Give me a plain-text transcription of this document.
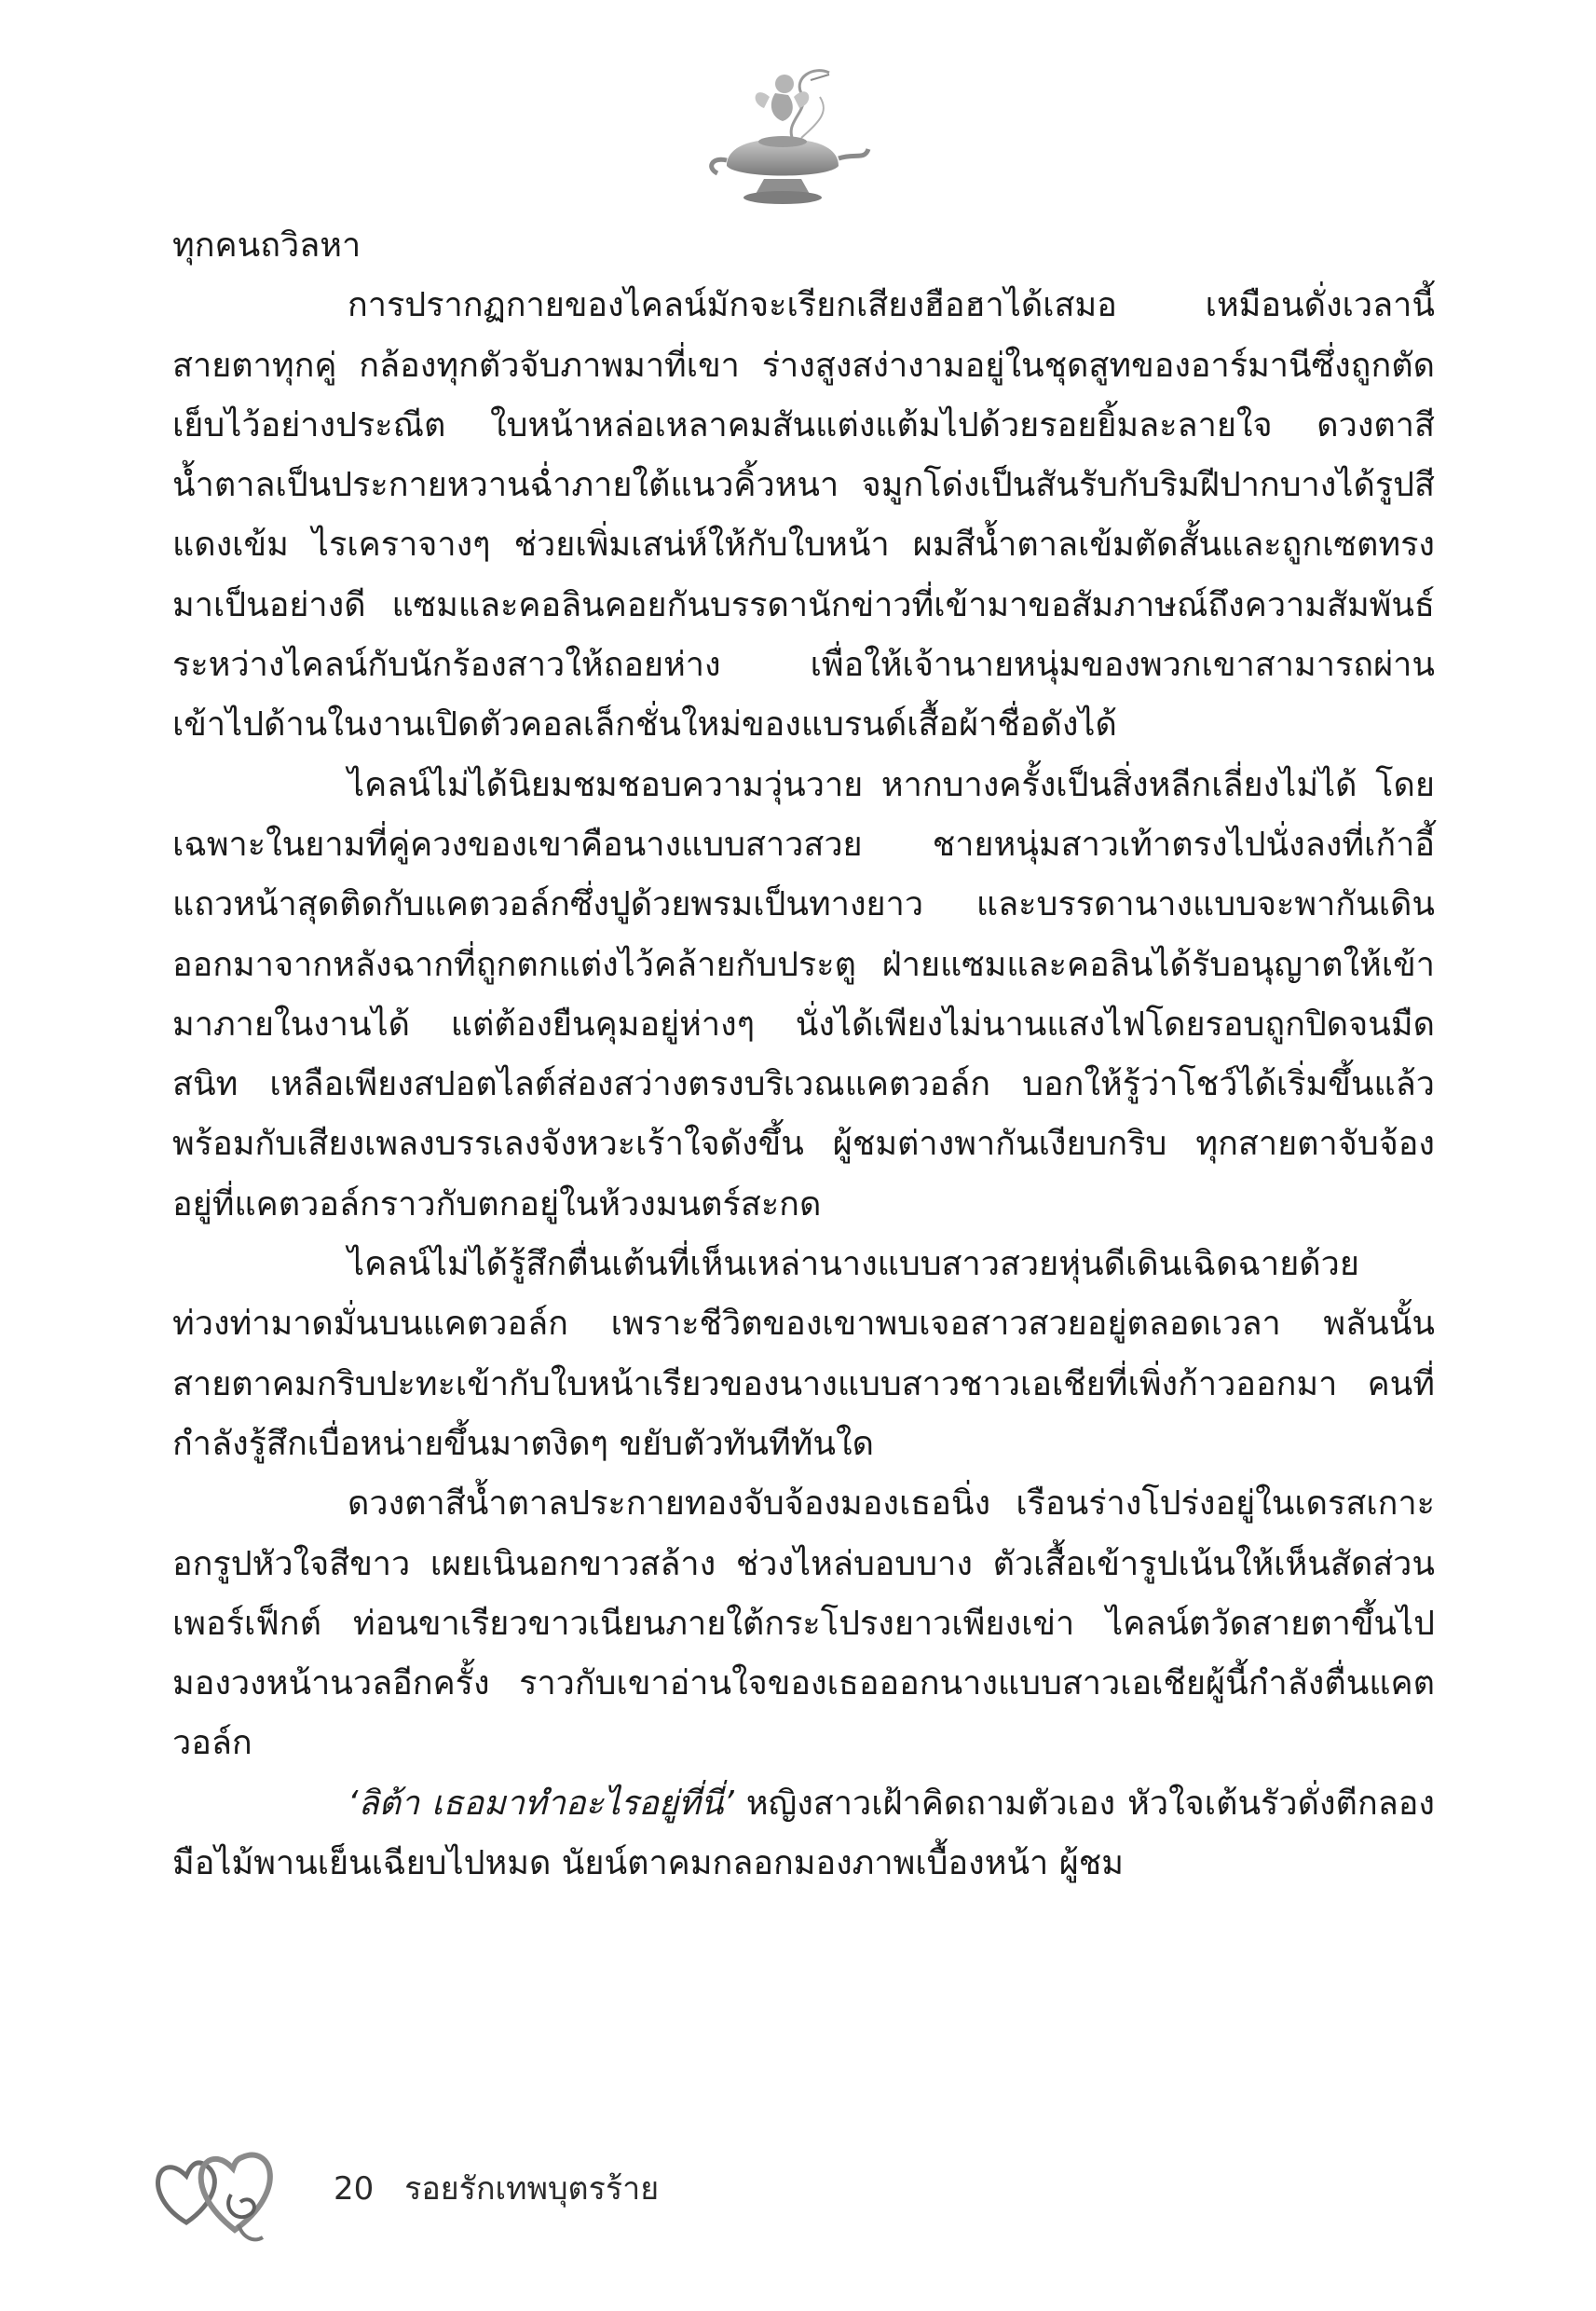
ทุกคนถวิลหา

การปรากฏกายของไคลน์มักจะเรียกเสียงฮือฮาได้เสมอ เหมือนดั่งเวลานี้ สายตาทุกคู่ กล้องทุกตัวจับภาพมาที่เขา ร่างสูงสง่างามอยู่ในชุดสูทของอาร์มานีซึ่งถูกตัดเย็บไว้อย่างประณีต ใบหน้าหล่อเหลาคมสันแต่งแต้มไปด้วยรอยยิ้มละลายใจ ดวงตาสีน้ำตาลเป็นประกายหวานฉ่ำภายใต้แนวคิ้วหนา จมูกโด่งเป็นสันรับกับริมฝีปากบางได้รูปสีแดงเข้ม ไรเคราจางๆ ช่วยเพิ่มเสน่ห์ให้กับใบหน้า ผมสีน้ำตาลเข้มตัดสั้นและถูกเซตทรงมาเป็นอย่างดี แซมและคอลินคอยกันบรรดานักข่าวที่เข้ามาขอสัมภาษณ์ถึงความสัมพันธ์ระหว่างไคลน์กับนักร้องสาวให้ถอยห่าง เพื่อให้เจ้านายหนุ่มของพวกเขาสามารถผ่านเข้าไปด้านในงานเปิดตัวคอลเล็กชั่นใหม่ของแบรนด์เสื้อผ้าชื่อดังได้

ไคลน์ไม่ได้นิยมชมชอบความวุ่นวาย หากบางครั้งเป็นสิ่งหลีกเลี่ยงไม่ได้ โดยเฉพาะในยามที่คู่ควงของเขาคือนางแบบสาวสวย ชายหนุ่มสาวเท้าตรงไปนั่งลงที่เก้าอี้แถวหน้าสุดติดกับแคตวอล์กซึ่งปูด้วยพรมเป็นทางยาว และบรรดานางแบบจะพากันเดินออกมาจากหลังฉากที่ถูกตกแต่งไว้คล้ายกับประตู ฝ่ายแซมและคอลินได้รับอนุญาตให้เข้ามาภายในงานได้ แต่ต้องยืนคุมอยู่ห่างๆ นั่งได้เพียงไม่นานแสงไฟโดยรอบถูกปิดจนมืดสนิท เหลือเพียงสปอตไลต์ส่องสว่างตรงบริเวณแคตวอล์ก บอกให้รู้ว่าโชว์ได้เริ่มขึ้นแล้ว พร้อมกับเสียงเพลงบรรเลงจังหวะเร้าใจดังขึ้น ผู้ชมต่างพากันเงียบกริบ ทุกสายตาจับจ้องอยู่ที่แคตวอล์กราวกับตกอยู่ในห้วงมนตร์สะกด

ไคลน์ไม่ได้รู้สึกตื่นเต้นที่เห็นเหล่านางแบบสาวสวยหุ่นดีเดินเฉิดฉายด้วยท่วงท่ามาดมั่นบนแคตวอล์ก เพราะชีวิตของเขาพบเจอสาวสวยอยู่ตลอดเวลา พลันนั้นสายตาคมกริบปะทะเข้ากับใบหน้าเรียวของนางแบบสาวชาวเอเชียที่เพิ่งก้าวออกมา คนที่กำลังรู้สึกเบื่อหน่ายขึ้นมาตงิดๆ ขยับตัวทันทีทันใด

ดวงตาสีน้ำตาลประกายทองจับจ้องมองเธอนิ่ง เรือนร่างโปร่งอยู่ในเดรสเกาะอกรูปหัวใจสีขาว เผยเนินอกขาวสล้าง ช่วงไหล่บอบบาง ตัวเสื้อเข้ารูปเน้นให้เห็นสัดส่วนเพอร์เฟ็กต์ ท่อนขาเรียวขาวเนียนภายใต้กระโปรงยาวเพียงเข่า ไคลน์ตวัดสายตาขึ้นไปมองวงหน้านวลอีกครั้ง ราวกับเขาอ่านใจของเธอออกนางแบบสาวเอเชียผู้นี้กำลังตื่นแคตวอล์ก

‘ลิต้า เธอมาทำอะไรอยู่ที่นี่’ หญิงสาวเฝ้าคิดถามตัวเอง หัวใจเต้นรัวดั่งตีกลอง มือไม้พานเย็นเฉียบไปหมด นัยน์ตาคมกลอกมองภาพเบื้องหน้า ผู้ชม

20 รอยรักเทพบุตรร้าย
